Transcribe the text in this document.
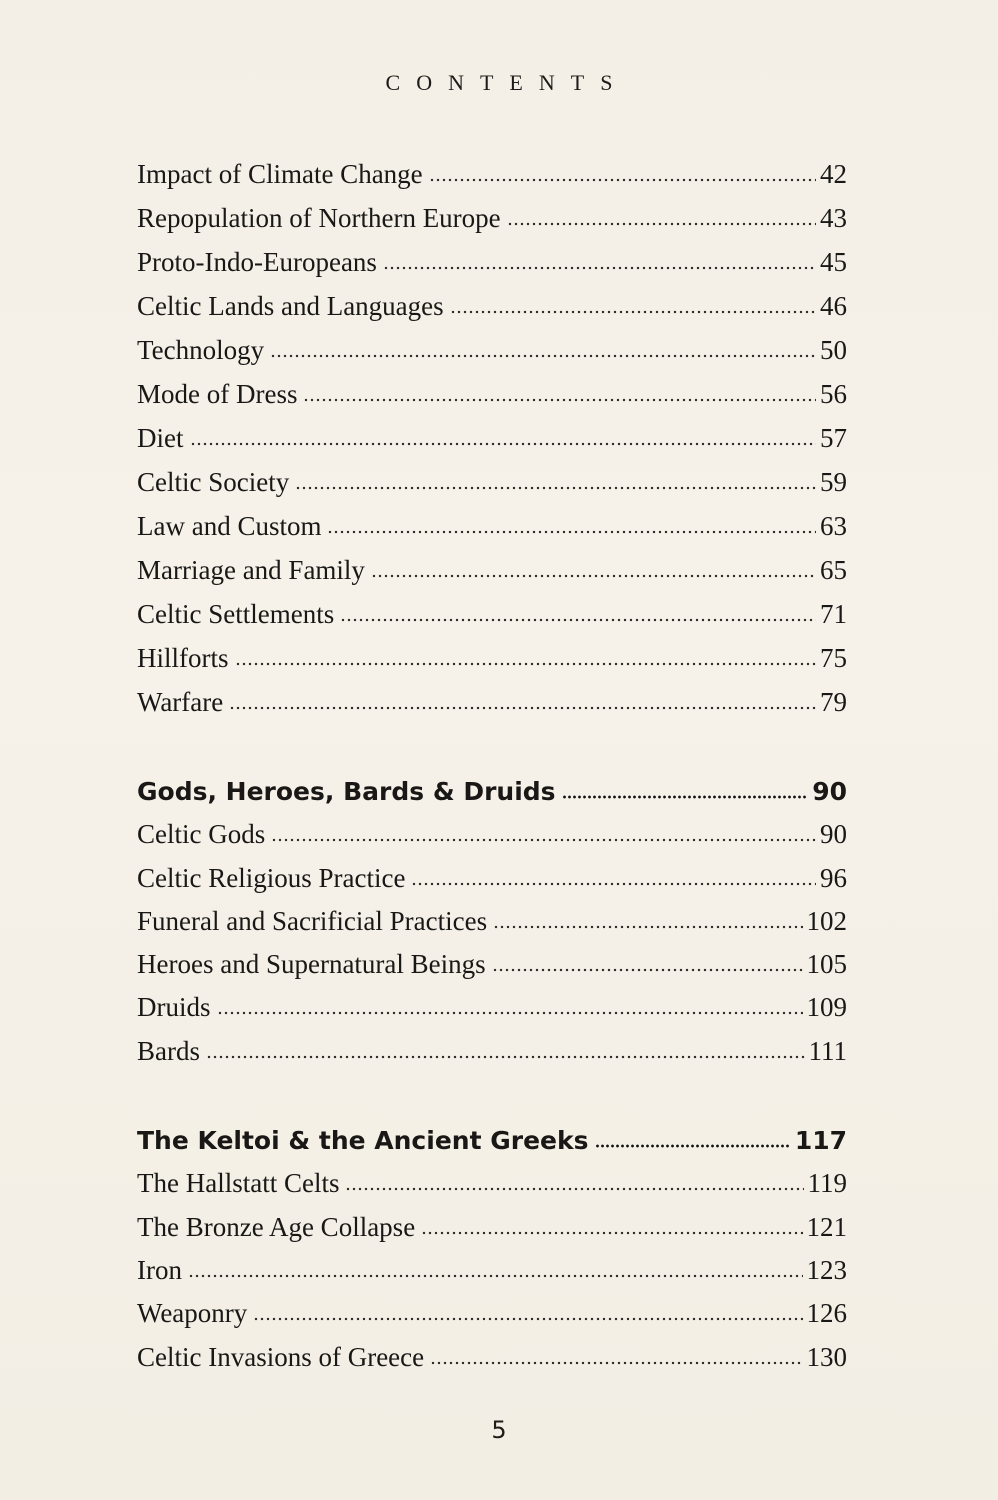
CONTENTS
Impact of Climate Change	42
Repopulation of Northern Europe	43
Proto-Indo-Europeans	45
Celtic Lands and Languages	46
Technology	50
Mode of Dress	56
Diet	57
Celtic Society	59
Law and Custom	63
Marriage and Family	65
Celtic Settlements	71
Hillforts	75
Warfare	79
Gods, Heroes, Bards & Druids	90
Celtic Gods	90
Celtic Religious Practice	96
Funeral and Sacrificial Practices	102
Heroes and Supernatural Beings	105
Druids	109
Bards	111
The Keltoi & the Ancient Greeks	117
The Hallstatt Celts	119
The Bronze Age Collapse	121
Iron	123
Weaponry	126
Celtic Invasions of Greece	130
5
